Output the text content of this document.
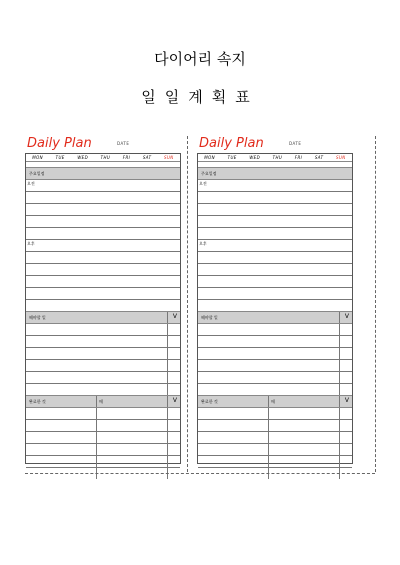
다이어리 속지
일일계획표
Daily Plan	DATE
MON	TUE	WED	THU	FRI	SAT	SUN
주요일정
오전
오후
해야할 일	V
완료한 것	메	V
Daily Plan	DATE
MON	TUE	WED	THU	FRI	SAT	SUN
주요일정
오전
오후
해야할 일	V
완료한 것	메	V
